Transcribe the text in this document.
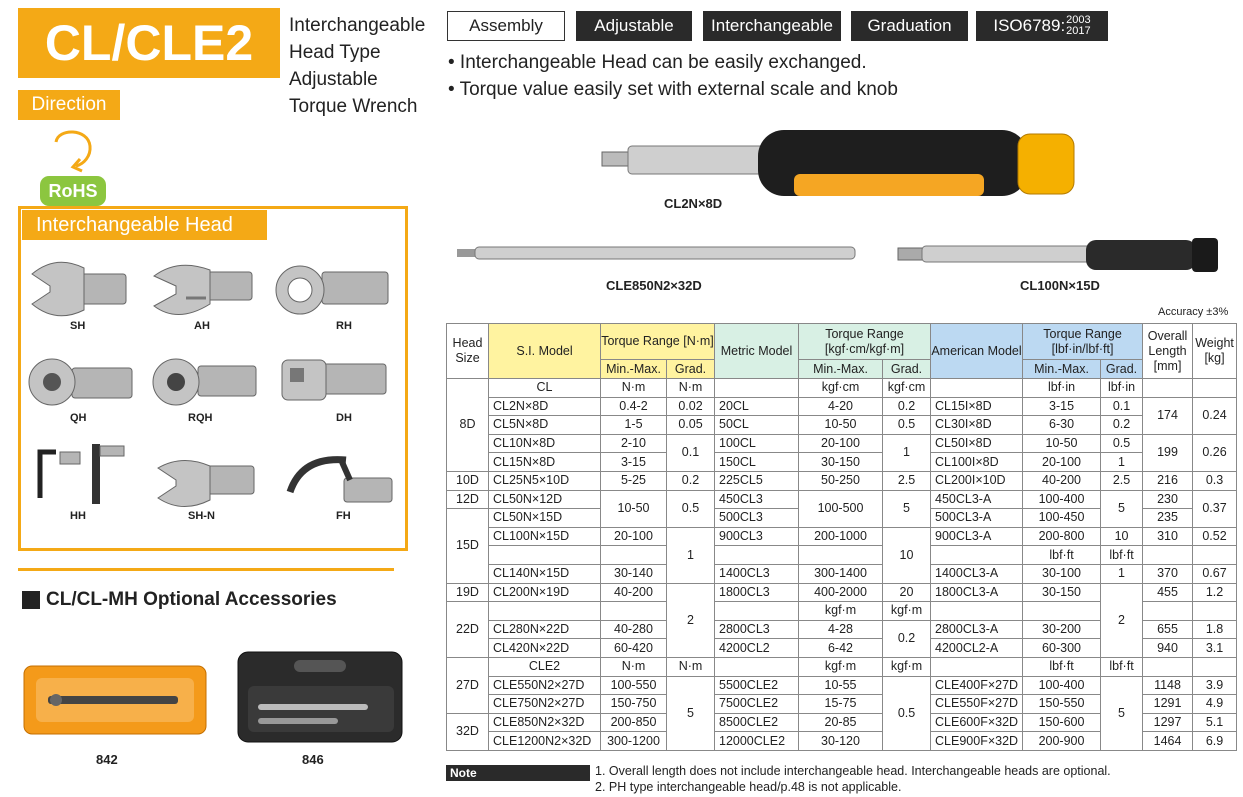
CL/CLE2	Interchangeable
Head Type
Adjustable
Torque Wrench
Direction
RoHS
Interchangeable Head
SH	AH	RH
QH	RQH	DH
HH	SH-N	FH
CL/CL-MH Optional Accessories
842	846
Assembly	Adjustable	Interchangeable	Graduation	ISO6789: 2003
2017
• Interchangeable Head can be easily exchanged.
• Torque value easily set with external scale and knob
CL2N×8D
CLE850N2×32D	CL100N×15D
Accuracy ±3%
Head Size	S.I. Model	Torque Range [N·m]		Metric Model	Torque Range [kgf·cm/kgf·m]		American Model	Torque Range [lbf·in/lbf·ft]		Overall Length [mm]	Weight [kg]
		Min.-Max.	Grad.		Min.-Max.	Grad.		Min.-Max.	Grad.		
8D	CL	N·m	N·m		kgf·cm	kgf·cm		lbf·in	lbf·in		
	CL2N×8D	0.4-2	0.02	20CL	4-20	0.2	CL15I×8D	3-15	0.1	174	0.24
	CL5N×8D	1-5	0.05	50CL	10-50	0.5	CL30I×8D	6-30	0.2		
	CL10N×8D	2-10	0.1	100CL	20-100	1	CL50I×8D	10-50	0.5	199	0.26
	CL15N×8D	3-15		150CL	30-150		CL100I×8D	20-100	1		
10D	CL25N5×10D	5-25	0.2	225CL5	50-250	2.5	CL200I×10D	40-200	2.5	216	0.3
12D	CL50N×12D	10-50	0.5	450CL3	100-500	5	450CL3-A	100-400	5	230	0.37
15D	CL50N×15D			500CL3			500CL3-A	100-450		235	
	CL100N×15D	20-100	1	900CL3	200-1000	10	900CL3-A	200-800	10	310	0.52
								lbf·ft	lbf·ft		
	CL140N×15D	30-140		1400CL3	300-1400		1400CL3-A	30-100	1	370	0.67
19D	CL200N×19D	40-200	2	1800CL3	400-2000	20	1800CL3-A	30-150	2	455	1.2
22D					kgf·m	kgf·m					
	CL280N×22D	40-280		2800CL3	4-28	0.2	2800CL3-A	30-200		655	1.8
	CL420N×22D	60-420		4200CL2	6-42		4200CL2-A	60-300		940	3.1
27D	CLE2	N·m	N·m		kgf·m	kgf·m		lbf·ft	lbf·ft		
	CLE550N2×27D	100-550	5	5500CLE2	10-55	0.5	CLE400F×27D	100-400	5	1148	3.9
	CLE750N2×27D	150-750		7500CLE2	15-75		CLE550F×27D	150-550		1291	4.9
32D	CLE850N2×32D	200-850		8500CLE2	20-85		CLE600F×32D	150-600		1297	5.1
	CLE1200N2×32D	300-1200		12000CLE2	30-120		CLE900F×32D	200-900		1464	6.9
Note	1. Overall length does not include interchangeable head. Interchangeable heads are optional.
2. PH type interchangeable head/p.48 is not applicable.
